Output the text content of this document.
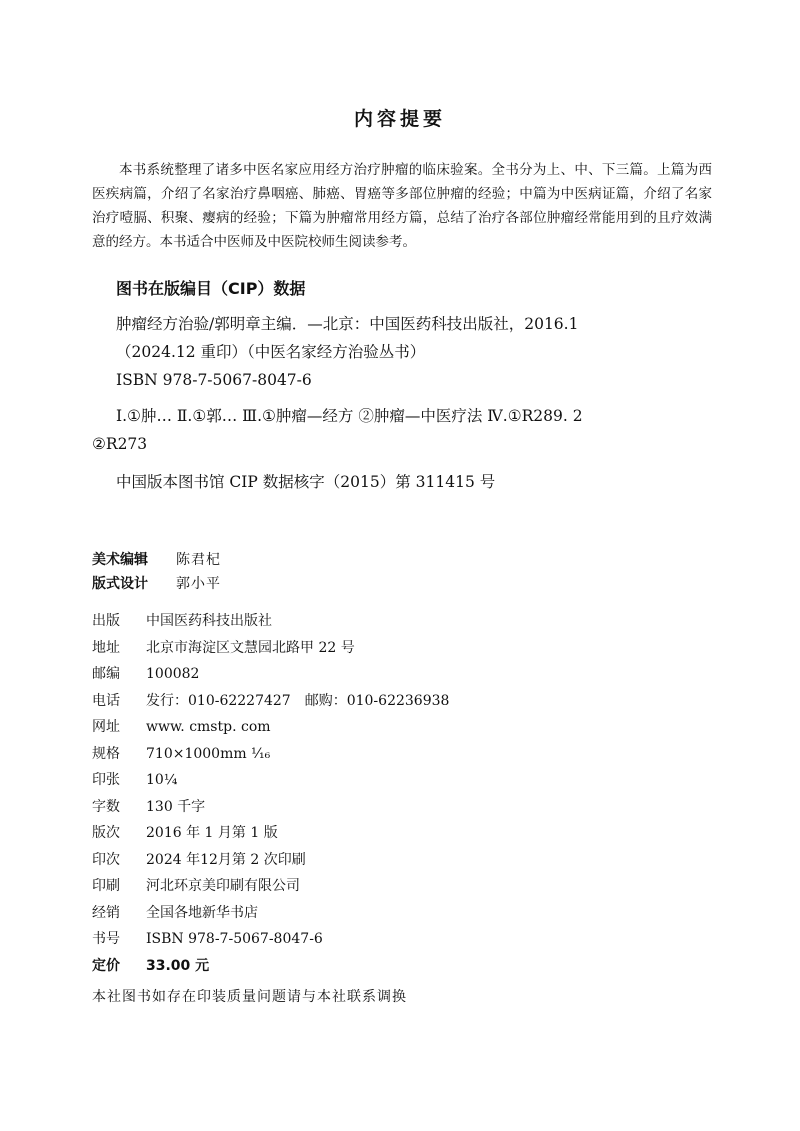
内容提要
本书系统整理了诸多中医名家应用经方治疗肿瘤的临床验案。全书分为上、中、下三篇。上篇为西医疾病篇，介绍了名家治疗鼻咽癌、肺癌、胃癌等多部位肿瘤的经验；中篇为中医病证篇，介绍了名家治疗噎膈、积聚、瘿病的经验；下篇为肿瘤常用经方篇，总结了治疗各部位肿瘤经常能用到的且疗效满意的经方。本书适合中医师及中医院校师生阅读参考。
图书在版编目（CIP）数据
肿瘤经方治验/郭明章主编．—北京：中国医药科技出版社，2016.1
（2024.12 重印）（中医名家经方治验丛书）
ISBN 978-7-5067-8047-6
Ⅰ.①肿… Ⅱ.①郭… Ⅲ.①肿瘤—经方 ②肿瘤—中医疗法 Ⅳ.①R289. 2
②R273
中国版本图书馆 CIP 数据核字（2015）第 311415 号
美术编辑	陈君杞
版式设计	郭小平
出版	中国医药科技出版社
地址	北京市海淀区文慧园北路甲 22 号
邮编	100082
电话	发行：010-62227427　邮购：010-62236938
网址	www. cmstp. com
规格	710×1000mm ¹⁄₁₆
印张	10¼
字数	130 千字
版次	2016 年 1 月第 1 版
印次	2024 年12月第 2 次印刷
印刷	河北环京美印刷有限公司
经销	全国各地新华书店
书号	ISBN 978-7-5067-8047-6
定价	33.00 元
本社图书如存在印装质量问题请与本社联系调换
